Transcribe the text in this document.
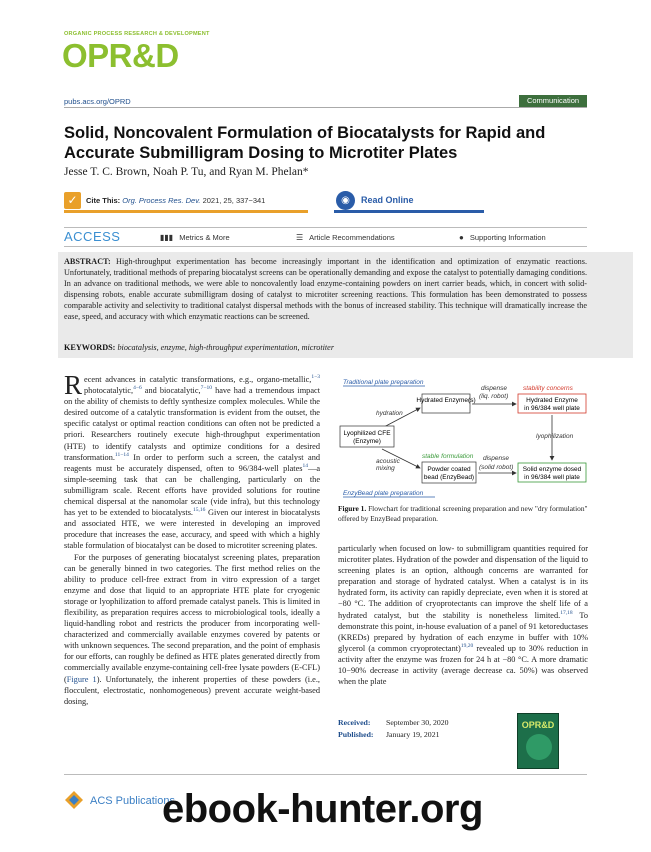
ORGANIC PROCESS RESEARCH & DEVELOPMENT
OPR&D
pubs.acs.org/OPRD	Communication
Solid, Noncovalent Formulation of Biocatalysts for Rapid and Accurate Submilligram Dosing to Microtiter Plates
Jesse T. C. Brown, Noah P. Tu, and Ryan M. Phelan*
✓	Cite This: Org. Process Res. Dev. 2021, 25, 337−341	◉	Read Online
ACCESS	▮▮▮ Metrics & More	☰ Article Recommendations	● Supporting Information
ABSTRACT: High-throughput experimentation has become increasingly important in the identification and optimization of enzymatic reactions. Unfortunately, traditional methods of preparing biocatalyst screens can be operationally demanding and expose the catalyst to potentially damaging conditions. In an advance on traditional methods, we were able to noncovalently load enzyme-containing powders on inert carrier beads, which, in concert with solid-dispensing robots, enable accurate submilligram dosing of catalyst to microtiter screening reactions. This formulation has been demonstrated to possess comparable activity and selectivity to traditional catalyst dispersal methods with the bonus of increased stability. This technique will dramatically increase the ease, speed, and accuracy with which enzymatic reactions can be screened.
KEYWORDS: biocatalysis, enzyme, high-throughput experimentation, microtiter

Recent advances in catalytic transformations, e.g., organo-metallic,$^{1-3}$ photocatalytic,$^{4-6}$ and biocatalytic,$^{7-10}$ have had a tremendous impact on the ability of chemists to deftly synthesize complex molecules. While the desired outcome of a catalytic transformation is evident from the outset, the specific catalyst or optimal reaction conditions can often not be predicted a priori. Researchers routinely execute high-throughput experimentation (HTE) to identify catalysts and optimize conditions for a desired transformation.$^{11-14}$ In order to perform such a screen, the catalyst and reagents must be accurately dispensed, often to 96/384-well plates$^{14}$—a simple-seeming task that can be challenging, particularly on the submilligram scale. Recent efforts have provided solutions for routine chemical dispersal at the nanomolar scale (vide infra), but this technology has yet to be extended to biocatalysts.$^{15,16}$ Given our interest in biocatalysts and associated HTE, we were interested in developing an improved procedure that increases the ease, accuracy, and speed with which a highly stable formulation of biocatalyst can be dosed to microtiter screening plates.

For the purposes of generating biocatalyst screening plates, preparation can be generally binned in two categories. The first method relies on the ability to produce cell-free extract from in vitro expression of a target enzyme and dose that liquid to an appropriate HTE plate for cryogenic storage or lyophilization to afford premade catalyst panels. This is limited in flexibility, as preparation requires access to microbiological tools, ideally a liquid-handling robot and restricts the producer from incorporating well-characterized and commercially available enzymes covered by patents or with unknown sequences. The second preparation, and the point of emphasis for our efforts, can roughly be defined as HTE plates generated directly from commercially available enzyme-containing cell-free lysate powders (E-CFL) (Figure 1). Unfortunately, the inherent properties of these powders (i.e., flocculent, electrostatic, nonhomogeneous) prevent accurate weight-based dosing,

Traditional plate preparation
Hydrated Enzyme(s)
dispense
(liq. robot)
stability concerns
Hydrated Enzyme
in 96/384 well plate
hydration
Lyophilized CFE
(Enzyme)
lyophilization
stable formulation
acoustic
mixing	Powder coated
bead (EnzyBead)
dispense
(solid robot) Solid enzyme dosed
in 96/384 well plate
EnzyBead plate preparation
Figure 1. Flowchart for traditional screening preparation and new "dry formulation" offered by EnzyBead preparation.
particularly when focused on low- to submilligram quantities required for microtiter plates. Hydration of the powder and dispensation of the liquid to screening plates is an option, although concerns are warranted for preparation and storage of hydrated catalyst. When a catalyst is in its hydrated form, its activity can rapidly depreciate, even when it is stored at −80 °C. The addition of cryoprotectants can improve the shelf life of a hydrated catalyst, but the stability is nonetheless limited.$^{17,18}$ To demonstrate this point, in-house evaluation of a panel of 91 ketoreductases (KREDs) prepared by hydration of each enzyme in buffer with 10% glycerol (a common cryoprotectant)$^{19,20}$ revealed up to 30% reduction in activity after the enzyme was frozen for 24 h at −80 °C. A more dramatic 10−90% decrease in activity (average decrease ca. 50%) was observed when the plate
Received: September 30, 2020
Published: January 19, 2021
OPR&D
ACS Publications
ebook-hunter.org
